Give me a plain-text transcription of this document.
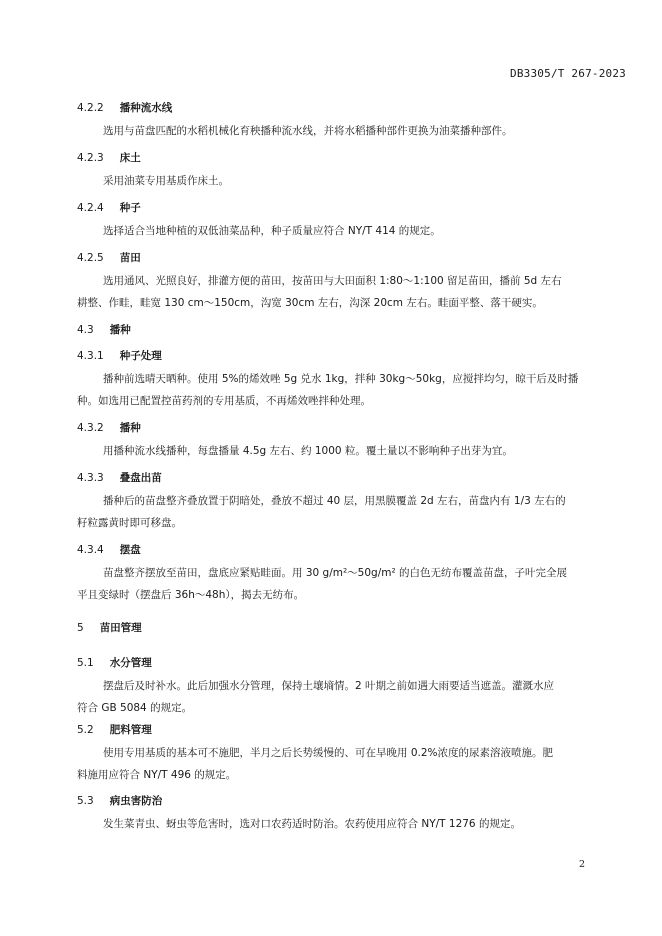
DB3305/T 267-2023
4.2.2 播种流水线
选用与苗盘匹配的水稻机械化育秧播种流水线，并将水稻播种部件更换为油菜播种部件。
4.2.3 床土
采用油菜专用基质作床土。
4.2.4 种子
选择适合当地种植的双低油菜品种，种子质量应符合 NY/T 414 的规定。
4.2.5 苗田
选用通风、光照良好，排灌方便的苗田，按苗田与大田面积 1:80～1:100 留足苗田，播前 5d 左右
耕整、作畦，畦宽 130 cm～150cm，沟宽 30cm 左右，沟深 20cm 左右。畦面平整、落干硬实。
4.3 播种
4.3.1 种子处理
播种前选晴天晒种。使用 5%的烯效唑 5g 兑水 1kg，拌种 30kg～50kg，应搅拌均匀，晾干后及时播
种。如选用已配置控苗药剂的专用基质，不再烯效唑拌种处理。
4.3.2 播种
用播种流水线播种，每盘播量 4.5g 左右、约 1000 粒。覆土量以不影响种子出芽为宜。
4.3.3 叠盘出苗
播种后的苗盘整齐叠放置于阴暗处，叠放不超过 40 层，用黑膜覆盖 2d 左右，苗盘内有 1/3 左右的
籽粒露黄时即可移盘。
4.3.4 摆盘
苗盘整齐摆放至苗田，盘底应紧贴畦面。用 30 g/m²～50g/m² 的白色无纺布覆盖苗盘，子叶完全展
平且变绿时（摆盘后 36h～48h），揭去无纺布。
5 苗田管理
5.1 水分管理
摆盘后及时补水。此后加强水分管理，保持土壤墒情。2 叶期之前如遇大雨要适当遮盖。灌溉水应
符合 GB 5084 的规定。
5.2 肥料管理
使用专用基质的基本可不施肥，半月之后长势缓慢的、可在早晚用 0.2%浓度的尿素溶液喷施。肥
料施用应符合 NY/T 496 的规定。
5.3 病虫害防治
发生菜青虫、蚜虫等危害时，选对口农药适时防治。农药使用应符合 NY/T 1276 的规定。
2
